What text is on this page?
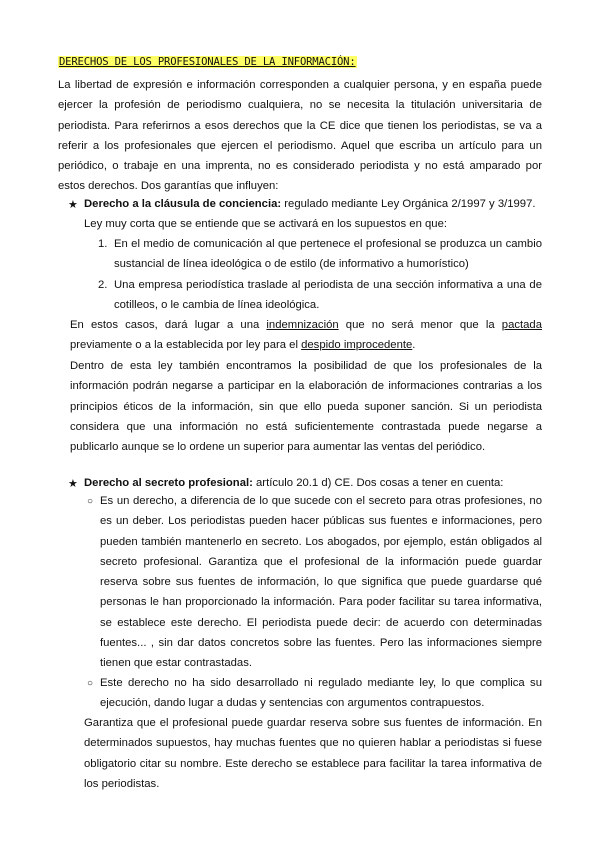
DERECHOS DE LOS PROFESIONALES DE LA INFORMACIÓN:

La libertad de expresión e información corresponden a cualquier persona, y en españa puede ejercer la profesión de periodismo cualquiera, no se necesita la titulación universitaria de periodista. Para referirnos a esos derechos que la CE dice que tienen los periodistas, se va a referir a los profesionales que ejercen el periodismo. Aquel que escriba un artículo para un periódico, o trabaje en una imprenta, no es considerado periodista y no está amparado por estos derechos. Dos garantías que influyen:

★ Derecho a la cláusula de conciencia: regulado mediante Ley Orgánica 2/1997 y 3/1997.
Ley muy corta que se entiende que se activará en los supuestos en que:
1. En el medio de comunicación al que pertenece el profesional se produzca un cambio sustancial de línea ideológica o de estilo (de informativo a humorístico)

2. Una empresa periodística traslade al periodista de una sección informativa a una de cotilleos, o le cambia de línea ideológica.

En estos casos, dará lugar a una indemnización que no será menor que la pactada previamente o a la establecida por ley para el despido improcedente.

Dentro de esta ley también encontramos la posibilidad de que los profesionales de la información podrán negarse a participar en la elaboración de informaciones contrarias a los principios éticos de la información, sin que ello pueda suponer sanción. Si un periodista considera que una información no está suficientemente contrastada puede negarse a publicarlo aunque se lo ordene un superior para aumentar las ventas del periódico.

★ Derecho al secreto profesional: artículo 20.1 d) CE. Dos cosas a tener en cuenta:
○ Es un derecho, a diferencia de lo que sucede con el secreto para otras profesiones, no es un deber. Los periodistas pueden hacer públicas sus fuentes e informaciones, pero pueden también mantenerlo en secreto. Los abogados, por ejemplo, están obligados al secreto profesional. Garantiza que el profesional de la información puede guardar reserva sobre sus fuentes de información, lo que significa que puede guardarse qué personas le han proporcionado la información. Para poder facilitar su tarea informativa, se establece este derecho. El periodista puede decir: de acuerdo con determinadas fuentes... , sin dar datos concretos sobre las fuentes. Pero las informaciones siempre tienen que estar contrastadas.

○ Este derecho no ha sido desarrollado ni regulado mediante ley, lo que complica su ejecución, dando lugar a dudas y sentencias con argumentos contrapuestos.

Garantiza que el profesional puede guardar reserva sobre sus fuentes de información. En determinados supuestos, hay muchas fuentes que no quieren hablar a periodistas si fuese obligatorio citar su nombre. Este derecho se establece para facilitar la tarea informativa de los periodistas.
